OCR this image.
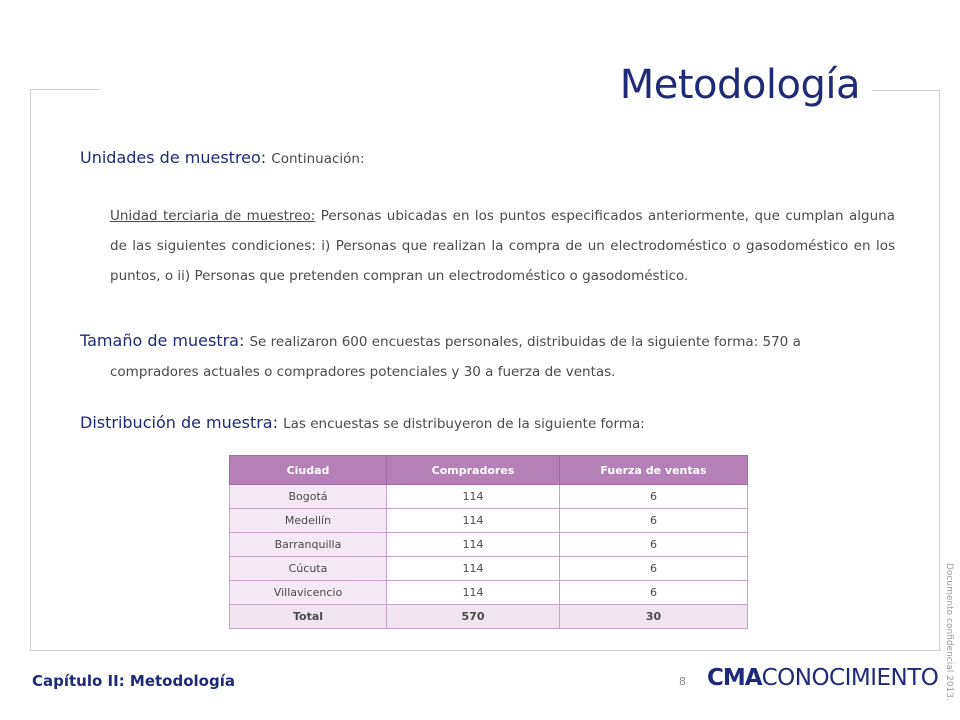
Metodología
Unidades de muestreo: Continuación:
Unidad terciaria de muestreo: Personas ubicadas en los puntos especificados anteriormente, que cumplan alguna de las siguientes condiciones: i) Personas que realizan la compra de un electrodoméstico o gasodoméstico en los puntos, o ii) Personas que pretenden compran un electrodoméstico o gasodoméstico.
Tamaño de muestra: Se realizaron 600 encuestas personales, distribuidas de la siguiente forma: 570 a
compradores actuales o compradores potenciales y 30 a fuerza de ventas.
Distribución de muestra: Las encuestas se distribuyeron de la siguiente forma:
Ciudad	Compradores	Fuerza de ventas
Bogotá	114	6
Medellín	114	6
Barranquilla	114	6
Cúcuta	114	6
Villavicencio	114	6
Total	570	30
Capítulo II: Metodología	8 CMACONOCIMIENTO Documento confidencial 2013.
